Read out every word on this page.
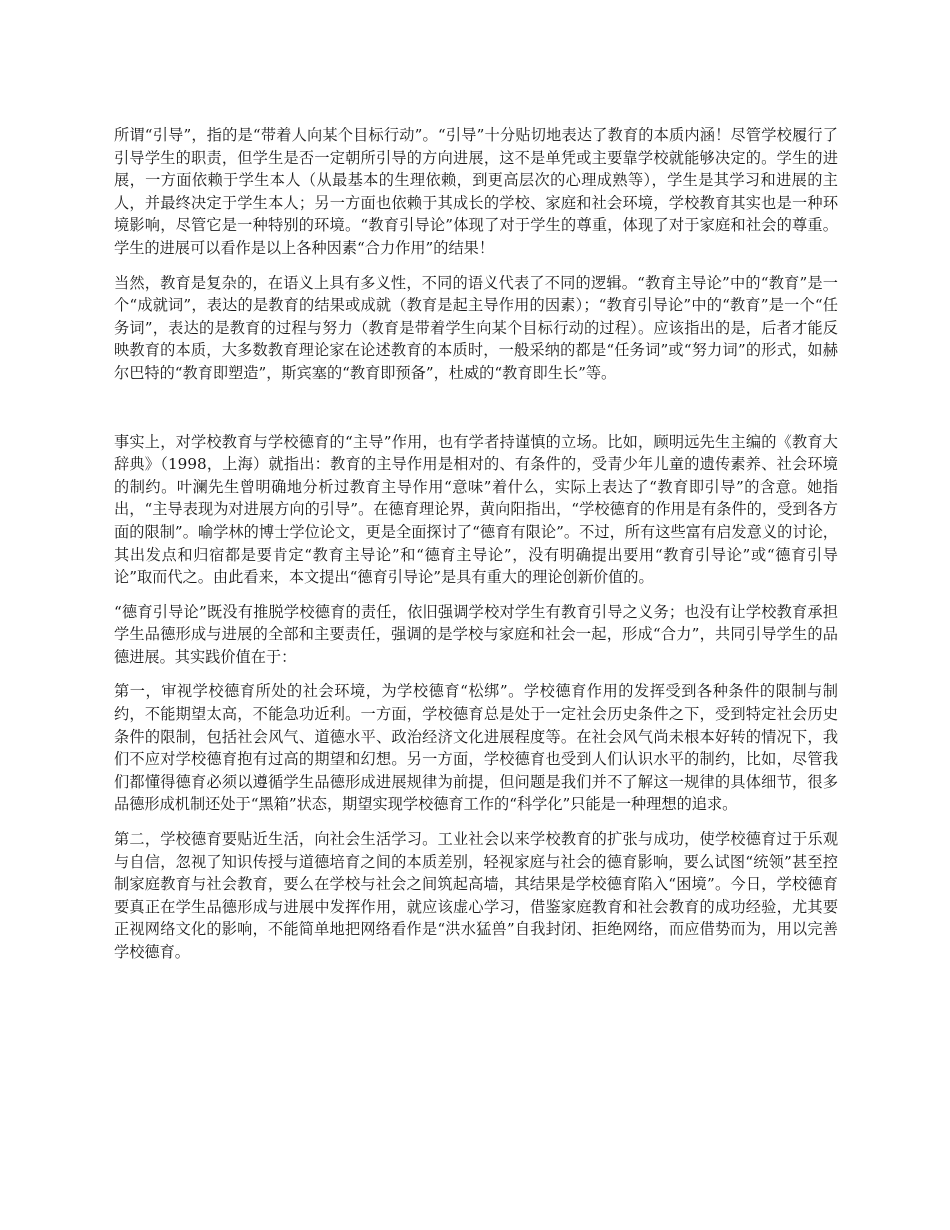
所谓“引导”，指的是“带着人向某个目标行动”。“引导”十分贴切地表达了教育的本质内涵！尽管学校履行了引导学生的职责，但学生是否一定朝所引导的方向进展，这不是单凭或主要靠学校就能够决定的。学生的进展，一方面依赖于学生本人（从最基本的生理依赖，到更高层次的心理成熟等），学生是其学习和进展的主人，并最终决定于学生本人；另一方面也依赖于其成长的学校、家庭和社会环境，学校教育其实也是一种环境影响，尽管它是一种特别的环境。“教育引导论”体现了对于学生的尊重，体现了对于家庭和社会的尊重。学生的进展可以看作是以上各种因素“合力作用”的结果！

当然，教育是复杂的，在语义上具有多义性，不同的语义代表了不同的逻辑。“教育主导论”中的“教育”是一个“成就词”，表达的是教育的结果或成就（教育是起主导作用的因素）；“教育引导论”中的“教育”是一个“任务词”，表达的是教育的过程与努力（教育是带着学生向某个目标行动的过程）。应该指出的是，后者才能反映教育的本质，大多数教育理论家在论述教育的本质时，一般采纳的都是“任务词”或“努力词”的形式，如赫尔巴特的“教育即塑造”，斯宾塞的“教育即预备”，杜威的“教育即生长”等。

事实上，对学校教育与学校德育的“主导”作用，也有学者持谨慎的立场。比如，顾明远先生主编的《教育大辞典》（1998，上海）就指出：教育的主导作用是相对的、有条件的，受青少年儿童的遗传素养、社会环境的制约。叶澜先生曾明确地分析过教育主导作用“意味”着什么，实际上表达了“教育即引导”的含意。她指出，“主导表现为对进展方向的引导”。在德育理论界，黄向阳指出，“学校德育的作用是有条件的，受到各方面的限制”。喻学林的博士学位论文，更是全面探讨了“德育有限论”。不过，所有这些富有启发意义的讨论，其出发点和归宿都是要肯定“教育主导论”和“德育主导论”，没有明确提出要用“教育引导论”或“德育引导论”取而代之。由此看来，本文提出“德育引导论”是具有重大的理论创新价值的。

“德育引导论”既没有推脱学校德育的责任，依旧强调学校对学生有教育引导之义务；也没有让学校教育承担学生品德形成与进展的全部和主要责任，强调的是学校与家庭和社会一起，形成“合力”，共同引导学生的品德进展。其实践价值在于：

第一，审视学校德育所处的社会环境，为学校德育“松绑”。学校德育作用的发挥受到各种条件的限制与制约，不能期望太高，不能急功近利。一方面，学校德育总是处于一定社会历史条件之下，受到特定社会历史条件的限制，包括社会风气、道德水平、政治经济文化进展程度等。在社会风气尚未根本好转的情况下，我们不应对学校德育抱有过高的期望和幻想。另一方面，学校德育也受到人们认识水平的制约，比如，尽管我们都懂得德育必须以遵循学生品德形成进展规律为前提，但问题是我们并不了解这一规律的具体细节，很多品德形成机制还处于“黑箱”状态，期望实现学校德育工作的“科学化”只能是一种理想的追求。

第二，学校德育要贴近生活，向社会生活学习。工业社会以来学校教育的扩张与成功，使学校德育过于乐观与自信，忽视了知识传授与道德培育之间的本质差别，轻视家庭与社会的德育影响，要么试图“统领”甚至控制家庭教育与社会教育，要么在学校与社会之间筑起高墙，其结果是学校德育陷入“困境”。今日，学校德育要真正在学生品德形成与进展中发挥作用，就应该虚心学习，借鉴家庭教育和社会教育的成功经验，尤其要正视网络文化的影响，不能简单地把网络看作是“洪水猛兽”自我封闭、拒绝网络，而应借势而为，用以完善学校德育。
